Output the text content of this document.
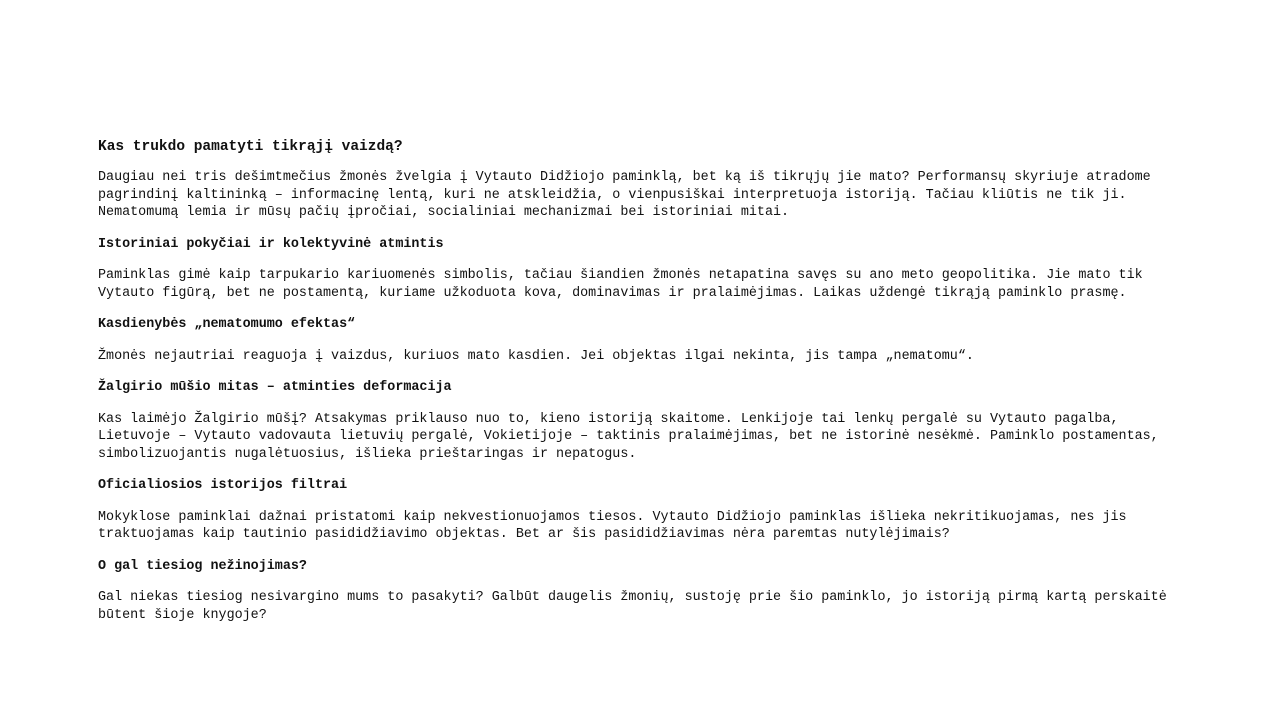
Kas trukdo pamatyti tikrąjį vaizdą?

Daugiau nei tris dešimtmečius žmonės žvelgia į Vytauto Didžiojo paminklą, bet ką iš tikrųjų jie mato? Performansų skyriuje atradome pagrindinį kaltininką – informacinę lentą, kuri ne atskleidžia, o vienpusiškai interpretuoja istoriją. Tačiau kliūtis ne tik ji. Nematomumą lemia ir mūsų pačių įpročiai, socialiniai mechanizmai bei istoriniai mitai.

Istoriniai pokyčiai ir kolektyvinė atmintis

Paminklas gimė kaip tarpukario kariuomenės simbolis, tačiau šiandien žmonės netapatina savęs su ano meto geopolitika. Jie mato tik Vytauto figūrą, bet ne postamentą, kuriame užkoduota kova, dominavimas ir pralaimėjimas. Laikas uždengė tikrąją paminklo prasmę.

Kasdienybės „nematomumo efektas“

Žmonės nejautriai reaguoja į vaizdus, kuriuos mato kasdien. Jei objektas ilgai nekinta, jis tampa „nematomu“.

Žalgirio mūšio mitas – atminties deformacija

Kas laimėjo Žalgirio mūšį? Atsakymas priklauso nuo to, kieno istoriją skaitome. Lenkijoje tai lenkų pergalė su Vytauto pagalba, Lietuvoje – Vytauto vadovauta lietuvių pergalė, Vokietijoje – taktinis pralaimėjimas, bet ne istorinė nesėkmė. Paminklo postamentas, simbolizuojantis nugalėtuosius, išlieka prieštaringas ir nepatogus.

Oficialiosios istorijos filtrai

Mokyklose paminklai dažnai pristatomi kaip nekvestionuojamos tiesos. Vytauto Didžiojo paminklas išlieka nekritikuojamas, nes jis traktuojamas kaip tautinio pasididžiavimo objektas. Bet ar šis pasididžiavimas nėra paremtas nutylėjimais?

O gal tiesiog nežinojimas?

Gal niekas tiesiog nesivargino mums to pasakyti? Galbūt daugelis žmonių, sustoję prie šio paminklo, jo istoriją pirmą kartą perskaitė būtent šioje knygoje?
